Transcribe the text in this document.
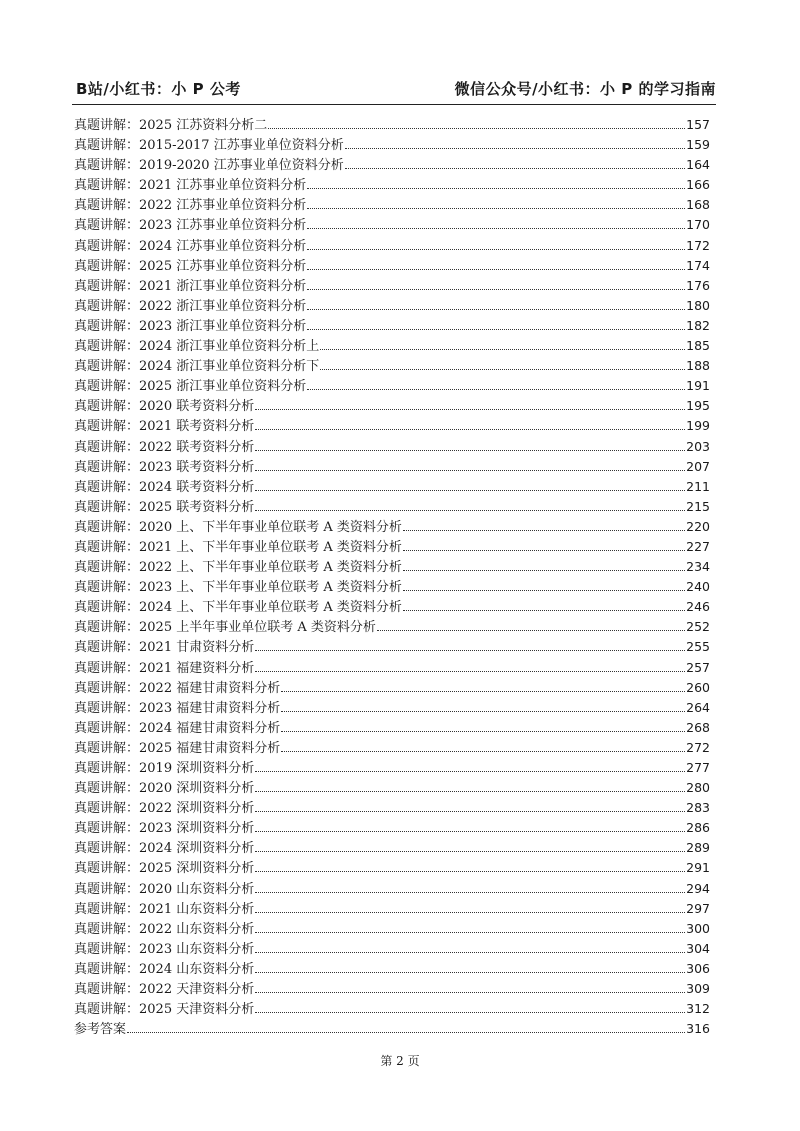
B站/小红书：小 P 公考	微信公众号/小红书：小 P 的学习指南
真题讲解：2025 江苏资料分析二	157
真题讲解：2015-2017 江苏事业单位资料分析	159
真题讲解：2019-2020 江苏事业单位资料分析	164
真题讲解：2021 江苏事业单位资料分析	166
真题讲解：2022 江苏事业单位资料分析	168
真题讲解：2023 江苏事业单位资料分析	170
真题讲解：2024 江苏事业单位资料分析	172
真题讲解：2025 江苏事业单位资料分析	174
真题讲解：2021 浙江事业单位资料分析	176
真题讲解：2022 浙江事业单位资料分析	180
真题讲解：2023 浙江事业单位资料分析	182
真题讲解：2024 浙江事业单位资料分析上	185
真题讲解：2024 浙江事业单位资料分析下	188
真题讲解：2025 浙江事业单位资料分析	191
真题讲解：2020 联考资料分析	195
真题讲解：2021 联考资料分析	199
真题讲解：2022 联考资料分析	203
真题讲解：2023 联考资料分析	207
真题讲解：2024 联考资料分析	211
真题讲解：2025 联考资料分析	215
真题讲解：2020 上、下半年事业单位联考 A 类资料分析	220
真题讲解：2021 上、下半年事业单位联考 A 类资料分析	227
真题讲解：2022 上、下半年事业单位联考 A 类资料分析	234
真题讲解：2023 上、下半年事业单位联考 A 类资料分析	240
真题讲解：2024 上、下半年事业单位联考 A 类资料分析	246
真题讲解：2025 上半年事业单位联考 A 类资料分析	252
真题讲解：2021 甘肃资料分析	255
真题讲解：2021 福建资料分析	257
真题讲解：2022 福建甘肃资料分析	260
真题讲解：2023 福建甘肃资料分析	264
真题讲解：2024 福建甘肃资料分析	268
真题讲解：2025 福建甘肃资料分析	272
真题讲解：2019 深圳资料分析	277
真题讲解：2020 深圳资料分析	280
真题讲解：2022 深圳资料分析	283
真题讲解：2023 深圳资料分析	286
真题讲解：2024 深圳资料分析	289
真题讲解：2025 深圳资料分析	291
真题讲解：2020 山东资料分析	294
真题讲解：2021 山东资料分析	297
真题讲解：2022 山东资料分析	300
真题讲解：2023 山东资料分析	304
真题讲解：2024 山东资料分析	306
真题讲解：2022 天津资料分析	309
真题讲解：2025 天津资料分析	312
参考答案	316
第 2 页
